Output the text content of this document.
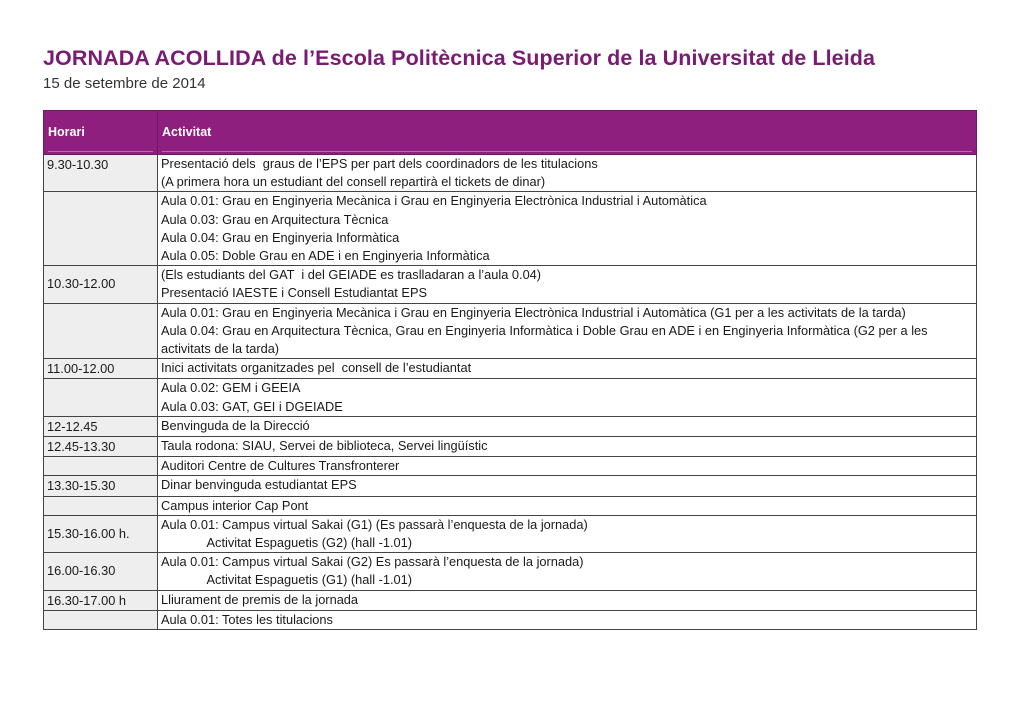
JORNADA ACOLLIDA de l’Escola Politècnica Superior de la Universitat de Lleida

15 de setembre de 2014

Horari	Activitat

9.30-10.30	Presentació dels  graus de l’EPS per part dels coordinadors de les titulacions
(A primera hora un estudiant del consell repartirà el tickets de dinar)

	Aula 0.01: Grau en Enginyeria Mecànica i Grau en Enginyeria Electrònica Industrial i Automàtica
Aula 0.03: Grau en Arquitectura Tècnica
Aula 0.04: Grau en Enginyeria Informàtica
Aula 0.05: Doble Grau en ADE i en Enginyeria Informàtica

10.30-12.00	(Els estudiants del GAT  i del GEIADE es traslladaran a l’aula 0.04)
Presentació IAESTE i Consell Estudiantat EPS

	Aula 0.01: Grau en Enginyeria Mecànica i Grau en Enginyeria Electrònica Industrial i Automàtica (G1 per a les activitats de la tarda)
Aula 0.04: Grau en Arquitectura Tècnica, Grau en Enginyeria Informàtica i Doble Grau en ADE i en Enginyeria Informàtica (G2 per a les activitats de la tarda)

11.00-12.00	Inici activitats organitzades pel  consell de l’estudiantat

	Aula 0.02: GEM i GEEIA
Aula 0.03: GAT, GEI i DGEIADE

12-12.45	Benvinguda de la Direcció

12.45-13.30	Taula rodona: SIAU, Servei de biblioteca, Servei lingüístic

	Auditori Centre de Cultures Transfronterer

13.30-15.30	Dinar benvinguda estudiantat EPS

	Campus interior Cap Pont

15.30-16.00 h.	Aula 0.01: Campus virtual Sakai (G1) (Es passarà l’enquesta de la jornada)
Activitat Espaguetis (G2) (hall -1.01)

16.00-16.30	Aula 0.01: Campus virtual Sakai (G2) Es passarà l’enquesta de la jornada)
Activitat Espaguetis (G1) (hall -1.01)

16.30-17.00 h	Lliurament de premis de la jornada

	Aula 0.01: Totes les titulacions
